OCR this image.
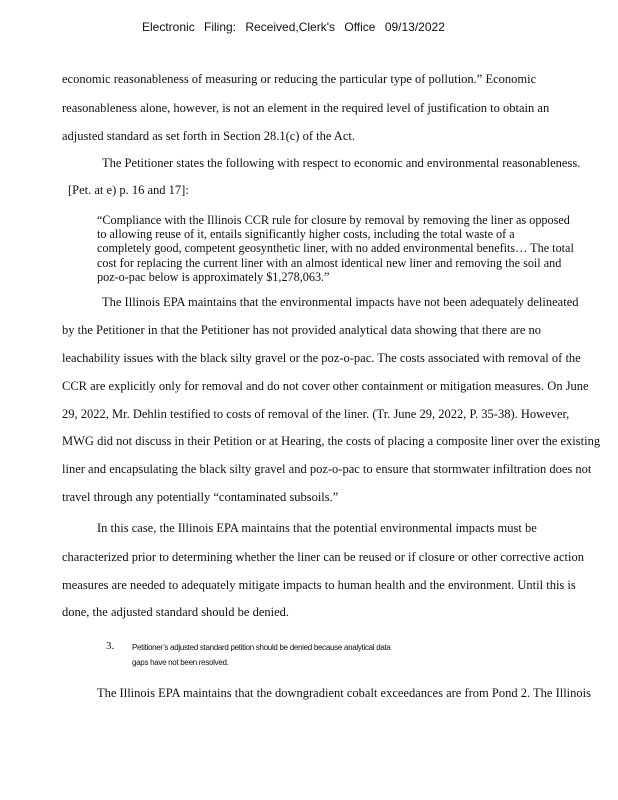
Electronic Filing: Received,Clerk's Office 09/13/2022
economic reasonableness of measuring or reducing the particular type of pollution.” Economic
reasonableness alone, however, is not an element in the required level of justification to obtain an
adjusted standard as set forth in Section 28.1(c) of the Act.
The Petitioner states the following with respect to economic and environmental reasonableness.
[Pet. at e) p. 16 and 17]:
“Compliance with the Illinois CCR rule for closure by removal by removing the liner as opposed
to allowing reuse of it, entails significantly higher costs, including the total waste of a
completely good, competent geosynthetic liner, with no added environmental benefits… The total
cost for replacing the current liner with an almost identical new liner and removing the soil and
poz-o-pac below is approximately $1,278,063.”
The Illinois EPA maintains that the environmental impacts have not been adequately delineated
by the Petitioner in that the Petitioner has not provided analytical data showing that there are no
leachability issues with the black silty gravel or the poz-o-pac. The costs associated with removal of the
CCR are explicitly only for removal and do not cover other containment or mitigation measures. On June
29, 2022, Mr. Dehlin testified to costs of removal of the liner. (Tr. June 29, 2022, P. 35-38). However,
MWG did not discuss in their Petition or at Hearing, the costs of placing a composite liner over the existing
liner and encapsulating the black silty gravel and poz-o-pac to ensure that stormwater infiltration does not
travel through any potentially “contaminated subsoils.”
In this case, the Illinois EPA maintains that the potential environmental impacts must be
characterized prior to determining whether the liner can be reused or if closure or other corrective action
measures are needed to adequately mitigate impacts to human health and the environment. Until this is
done, the adjusted standard should be denied.
3. Petitioner’s adjusted standard petition should be denied because analytical data
gaps have not been resolved.
The Illinois EPA maintains that the downgradient cobalt exceedances are from Pond 2. The Illinois
